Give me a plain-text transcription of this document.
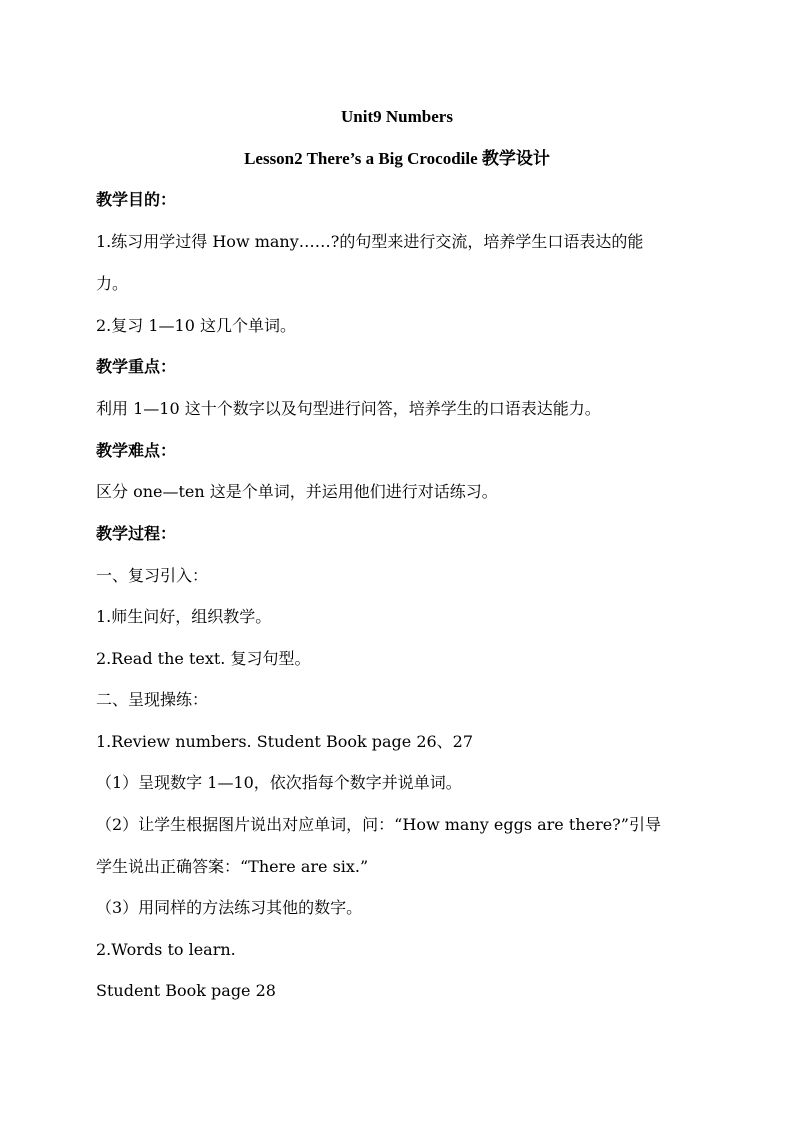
Unit9 Numbers
Lesson2 There’s a Big Crocodile 教学设计
教学目的：
1.练习用学过得 How many……?的句型来进行交流，培养学生口语表达的能
力。
2.复习 1—10 这几个单词。
教学重点：
利用 1—10 这十个数字以及句型进行问答，培养学生的口语表达能力。
教学难点：
区分 one—ten 这是个单词，并运用他们进行对话练习。
教学过程：
一、复习引入：
1.师生问好，组织教学。
2.Read the text. 复习句型。
二、呈现操练：
1.Review numbers. Student Book page 26、27
（1）呈现数字 1—10，依次指每个数字并说单词。
（2）让学生根据图片说出对应单词，问：“How many eggs are there?”引导
学生说出正确答案：“There are six.”
（3）用同样的方法练习其他的数字。
2.Words to learn.
Student Book page 28
